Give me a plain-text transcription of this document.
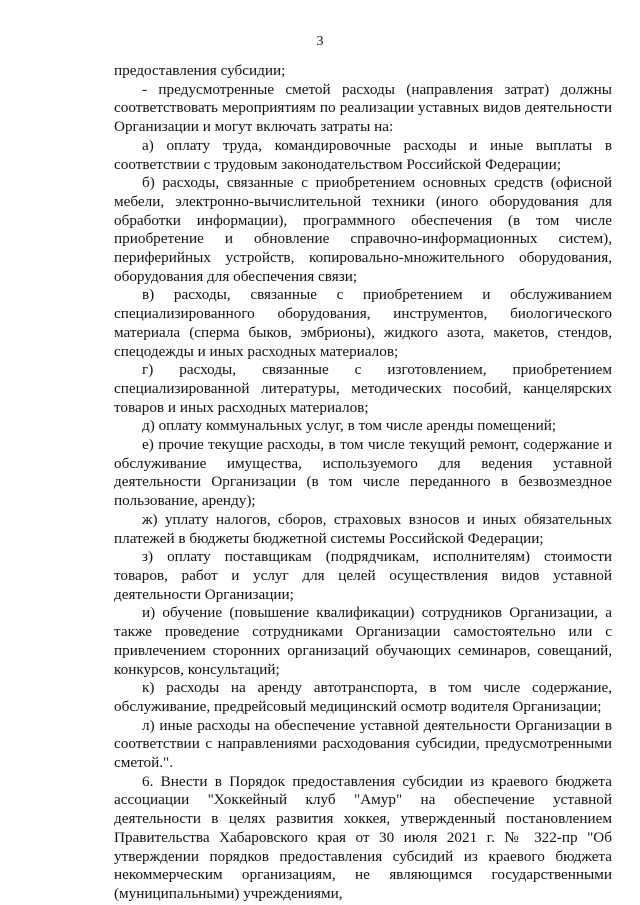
3

предоставления субсидии;

- предусмотренные сметой расходы (направления затрат) должны соответствовать мероприятиям по реализации уставных видов деятельности Организации и могут включать затраты на:

а) оплату труда, командировочные расходы и иные выплаты в соответствии с трудовым законодательством Российской Федерации;

б) расходы, связанные с приобретением основных средств (офисной мебели, электронно-вычислительной техники (иного оборудования для обработки информации), программного обеспечения (в том числе приобретение и обновление справочно-информационных систем), периферийных устройств, копировально-множительного оборудования, оборудования для обеспечения связи;

в) расходы, связанные с приобретением и обслуживанием специализированного оборудования, инструментов, биологического материала (сперма быков, эмбрионы), жидкого азота, макетов, стендов, спецодежды и иных расходных материалов;

г) расходы, связанные с изготовлением, приобретением специализированной литературы, методических пособий, канцелярских товаров и иных расходных материалов;

д) оплату коммунальных услуг, в том числе аренды помещений;

е) прочие текущие расходы, в том числе текущий ремонт, содержание и обслуживание имущества, используемого для ведения уставной деятельности Организации (в том числе переданного в безвозмездное пользование, аренду);

ж) уплату налогов, сборов, страховых взносов и иных обязательных платежей в бюджеты бюджетной системы Российской Федерации;

з) оплату поставщикам (подрядчикам, исполнителям) стоимости товаров, работ и услуг для целей осуществления видов уставной деятельности Организации;

и) обучение (повышение квалификации) сотрудников Организации, а также проведение сотрудниками Организации самостоятельно или с привлечением сторонних организаций обучающих семинаров, совещаний, конкурсов, консультаций;

к) расходы на аренду автотранспорта, в том числе содержание, обслуживание, предрейсовый медицинский осмотр водителя Организации;

л) иные расходы на обеспечение уставной деятельности Организации в соответствии с направлениями расходования субсидии, предусмотренными сметой.".

6. Внести в Порядок предоставления субсидии из краевого бюджета ассоциации "Хоккейный клуб "Амур" на обеспечение уставной деятельности в целях развития хоккея, утвержденный постановлением Правительства Хабаровского края от 30 июля 2021 г. № 322-пр "Об утверждении порядков предоставления субсидий из краевого бюджета некоммерческим организациям, не являющимся государственными (муниципальными) учреждениями,
